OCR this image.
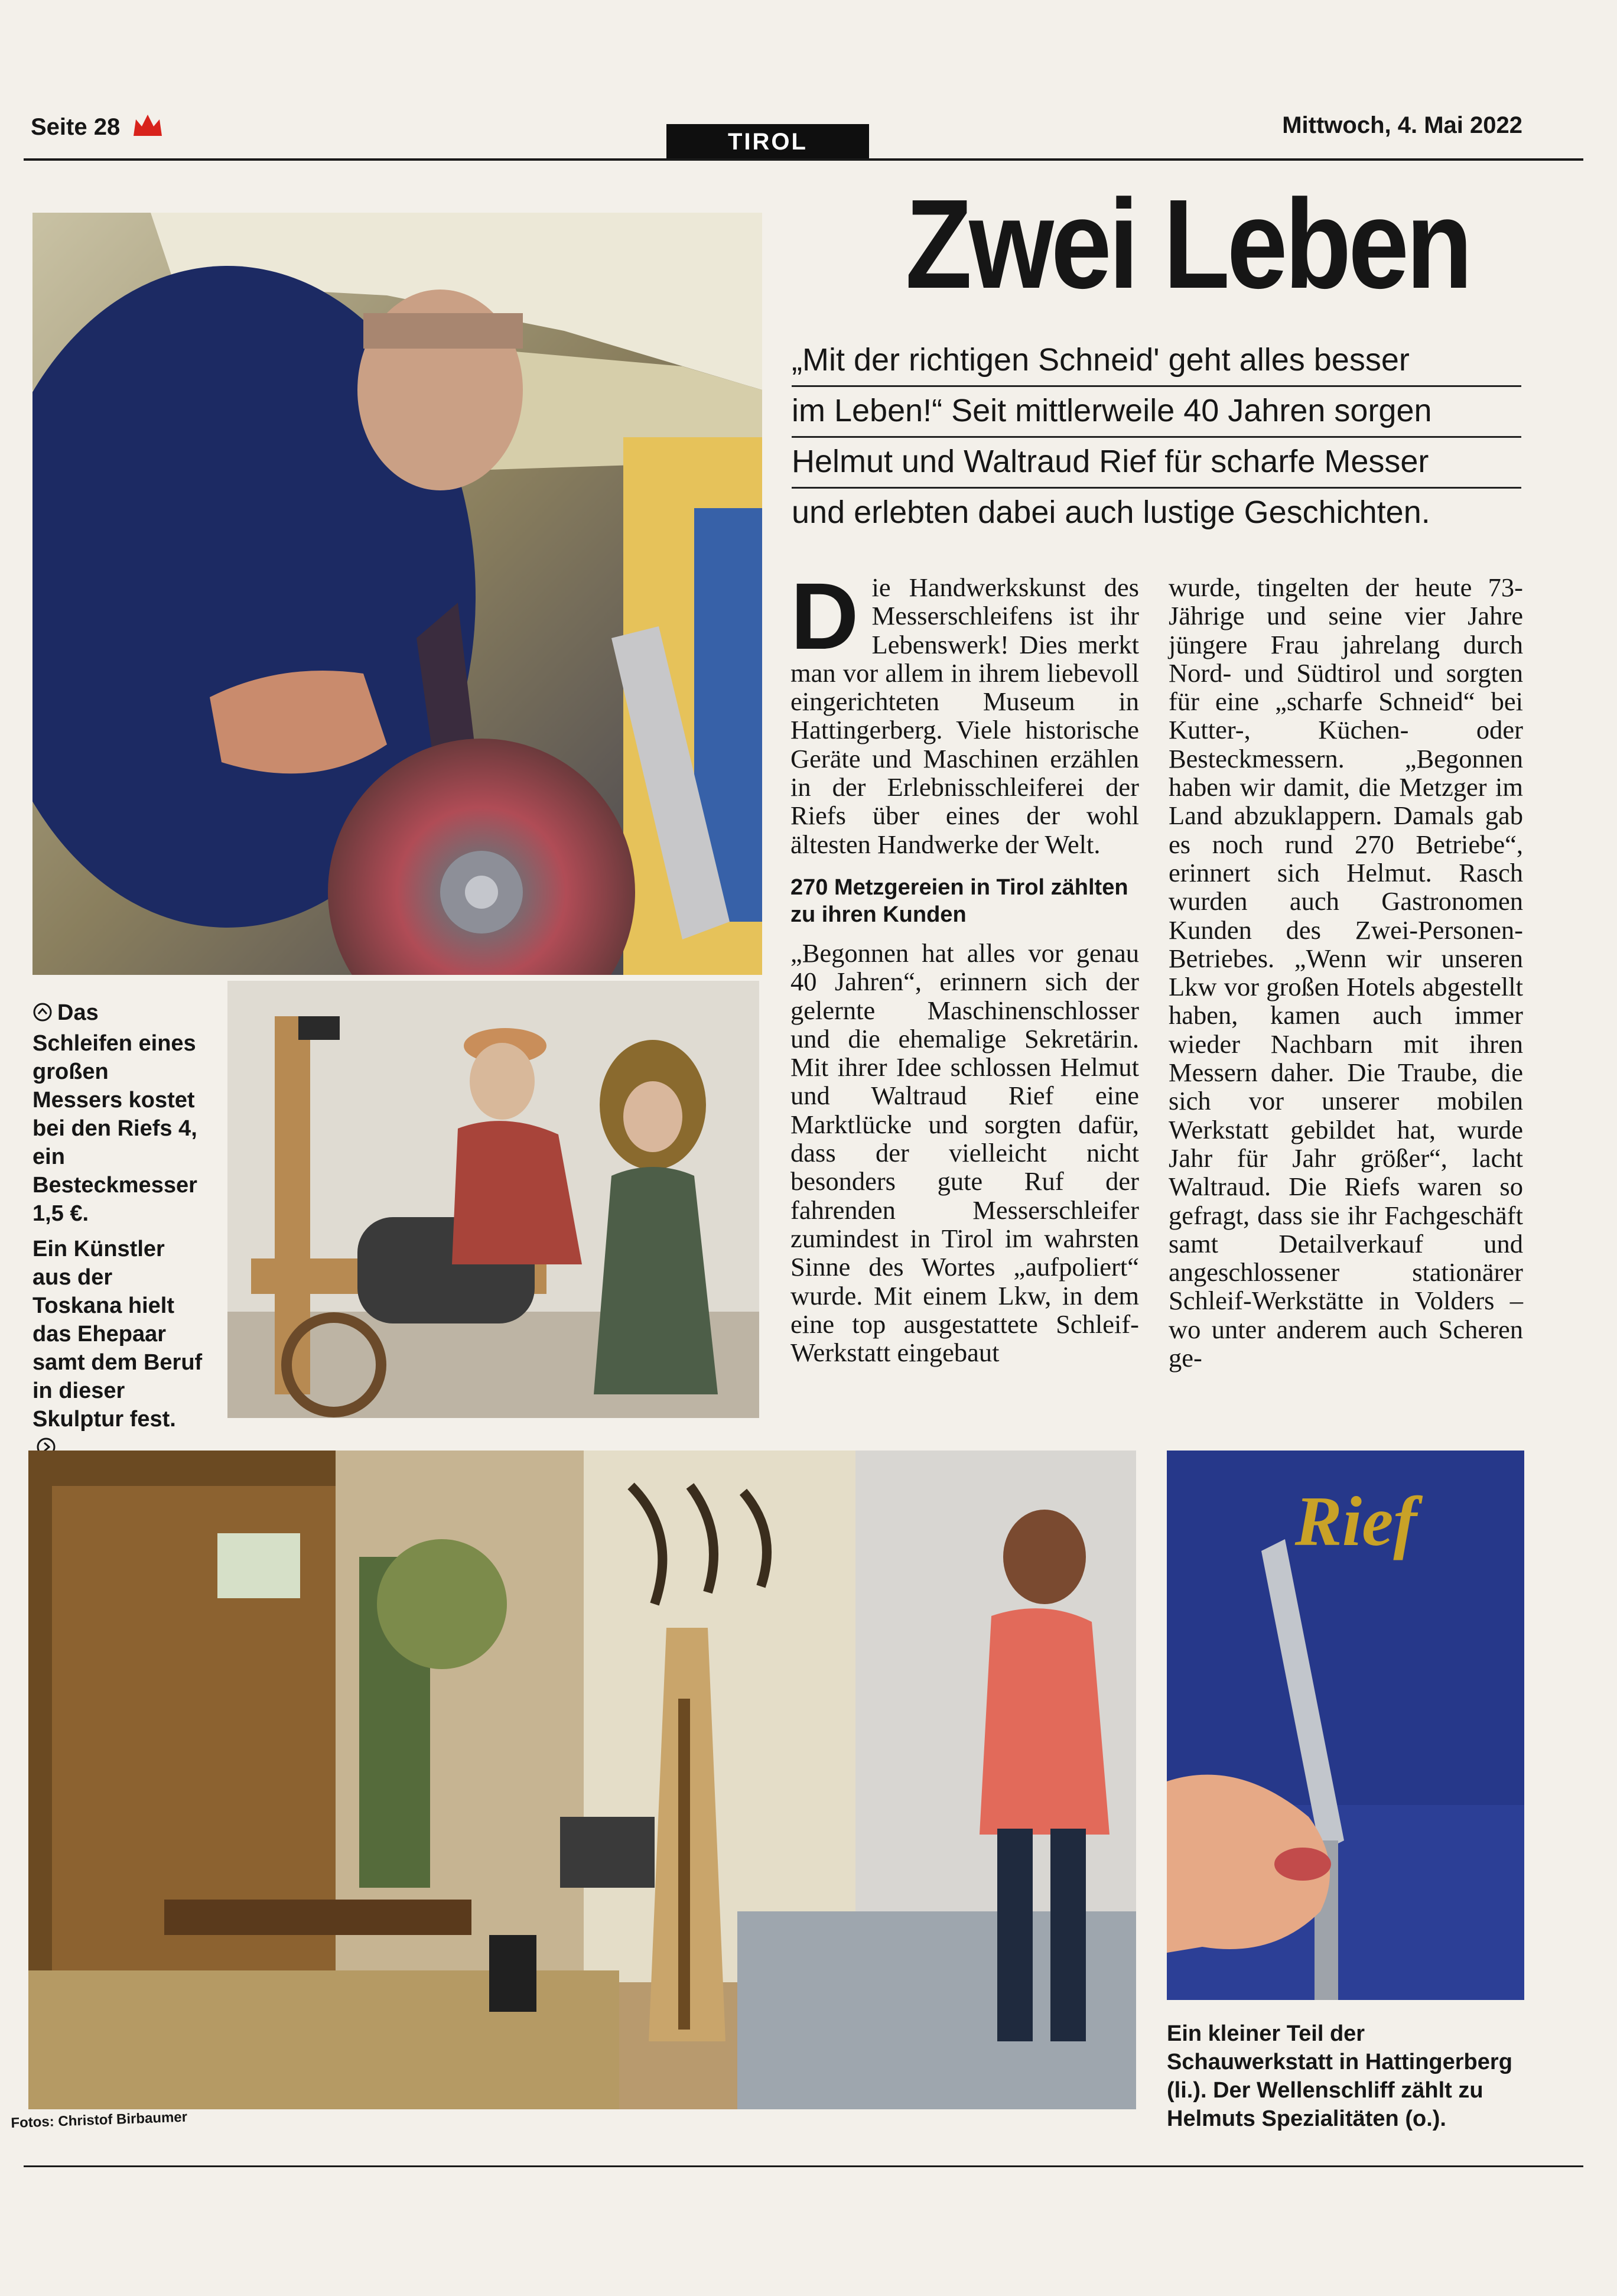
Seite 28
TIROL
Mittwoch, 4. Mai 2022
Zwei Leben
„Mit der richtigen Schneid' geht alles besser
im Leben!“ Seit mittlerweile 40 Jahren sorgen
Helmut und Waltraud Rief für scharfe Messer
und erlebten dabei auch lustige Geschichten.

Die Handwerkskunst des Messerschleifens ist ihr Lebenswerk! Dies merkt man vor allem in ihrem liebevoll eingerichteten Museum in Hattingerberg. Viele historische Geräte und Maschinen erzählen in der Erlebnisschleiferei der Riefs über eines der wohl ältesten Handwerke der Welt.

270 Metzgereien in Tirol zählten zu ihren Kunden

„Begonnen hat alles vor genau 40 Jahren“, erinnern sich der gelernte Maschinenschlosser und die ehemalige Sekretärin. Mit ihrer Idee schlossen Helmut und Waltraud Rief eine Marktlücke und sorgten dafür, dass der vielleicht nicht besonders gute Ruf der fahrenden Messerschleifer zumindest in Tirol im wahrsten Sinne des Wortes „aufpoliert“ wurde. Mit einem Lkw, in dem eine top ausgestattete Schleif-Werkstatt eingebaut

wurde, tingelten der heute 73-Jährige und seine vier Jahre jüngere Frau jahrelang durch Nord- und Südtirol und sorgten für eine „scharfe Schneid“ bei Kutter-, Küchen- oder Besteckmessern. „Begonnen haben wir damit, die Metzger im Land abzuklappern. Damals gab es noch rund 270 Betriebe“, erinnert sich Helmut. Rasch wurden auch Gastronomen Kunden des Zwei-Personen-Betriebes. „Wenn wir unseren Lkw vor großen Hotels abgestellt haben, kamen auch immer wieder Nachbarn mit ihren Messern daher. Die Traube, die sich vor unserer mobilen Werkstatt gebildet hat, wurde Jahr für Jahr größer“, lacht Waltraud. Die Riefs waren so gefragt, dass sie ihr Fachgeschäft samt Detailverkauf und angeschlossener stationärer Schleif-Werkstätte in Volders – wo unter anderem auch Scheren ge-

Das Schleifen eines großen Messers kostet bei den Riefs 4, ein Besteckmesser 1,5 €.
Ein Künstler aus der Toskana hielt das Ehepaar samt dem Beruf in dieser Skulptur fest.
Fotos: Christof Birbaumer
Rief
Ein kleiner Teil der Schauwerkstatt in Hattingerberg (li.). Der Wellenschliff zählt zu Helmuts Spezialitäten (o.).
